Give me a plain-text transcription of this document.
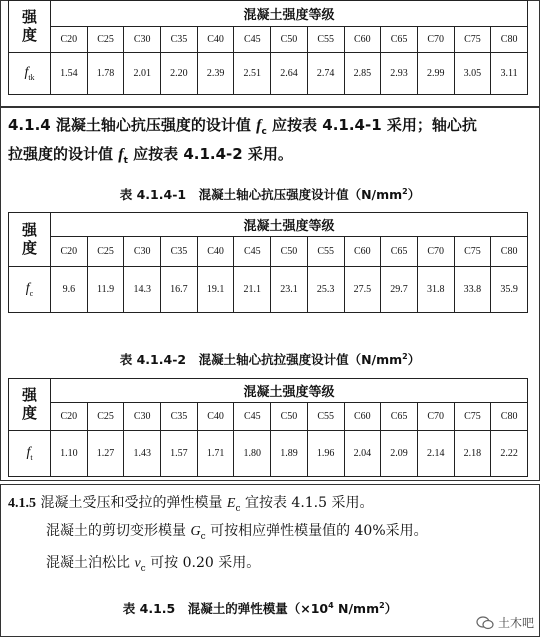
强
度	混凝土强度等级												
	C20	C25	C30	C35	C40	C45	C50	C55	C60	C65	C70	C75	C80
$f_{tk}$	1.54	1.78	2.01	2.20	2.39	2.51	2.64	2.74	2.85	2.93	2.99	3.05	3.11
4.1.4 混凝土轴心抗压强度的设计值 $f_c$ 应按表 4.1.4-1 采用；轴心抗
拉强度的设计值 $f_t$ 应按表 4.1.4-2 采用。
表 4.1.4-1　混凝土轴心抗压强度设计值$(N/mm^2)$
强
度	混凝土强度等级												
	C20	C25	C30	C35	C40	C45	C50	C55	C60	C65	C70	C75	C80
$f_c$	9.6	11.9	14.3	16.7	19.1	21.1	23.1	25.3	27.5	29.7	31.8	33.8	35.9
表 4.1.4-2　混凝土轴心抗拉强度设计值$(N/mm^2)$
强
度	混凝土强度等级												
	C20	C25	C30	C35	C40	C45	C50	C55	C60	C65	C70	C75	C80
$f_t$	1.10	1.27	1.43	1.57	1.71	1.80	1.89	1.96	2.04	2.09	2.14	2.18	2.22
4.1.5 混凝土受压和受拉的弹性模量 $E_c$ 宜按表 4.1.5 采用。
混凝土的剪切变形模量 $G_c$ 可按相应弹性模量值的 40%采用。
混凝土泊松比 $v_c$ 可按 0.20 采用。
表 4.1.5　混凝土的弹性模量（$\times 10^4$ $N/mm^2$）
土木吧
